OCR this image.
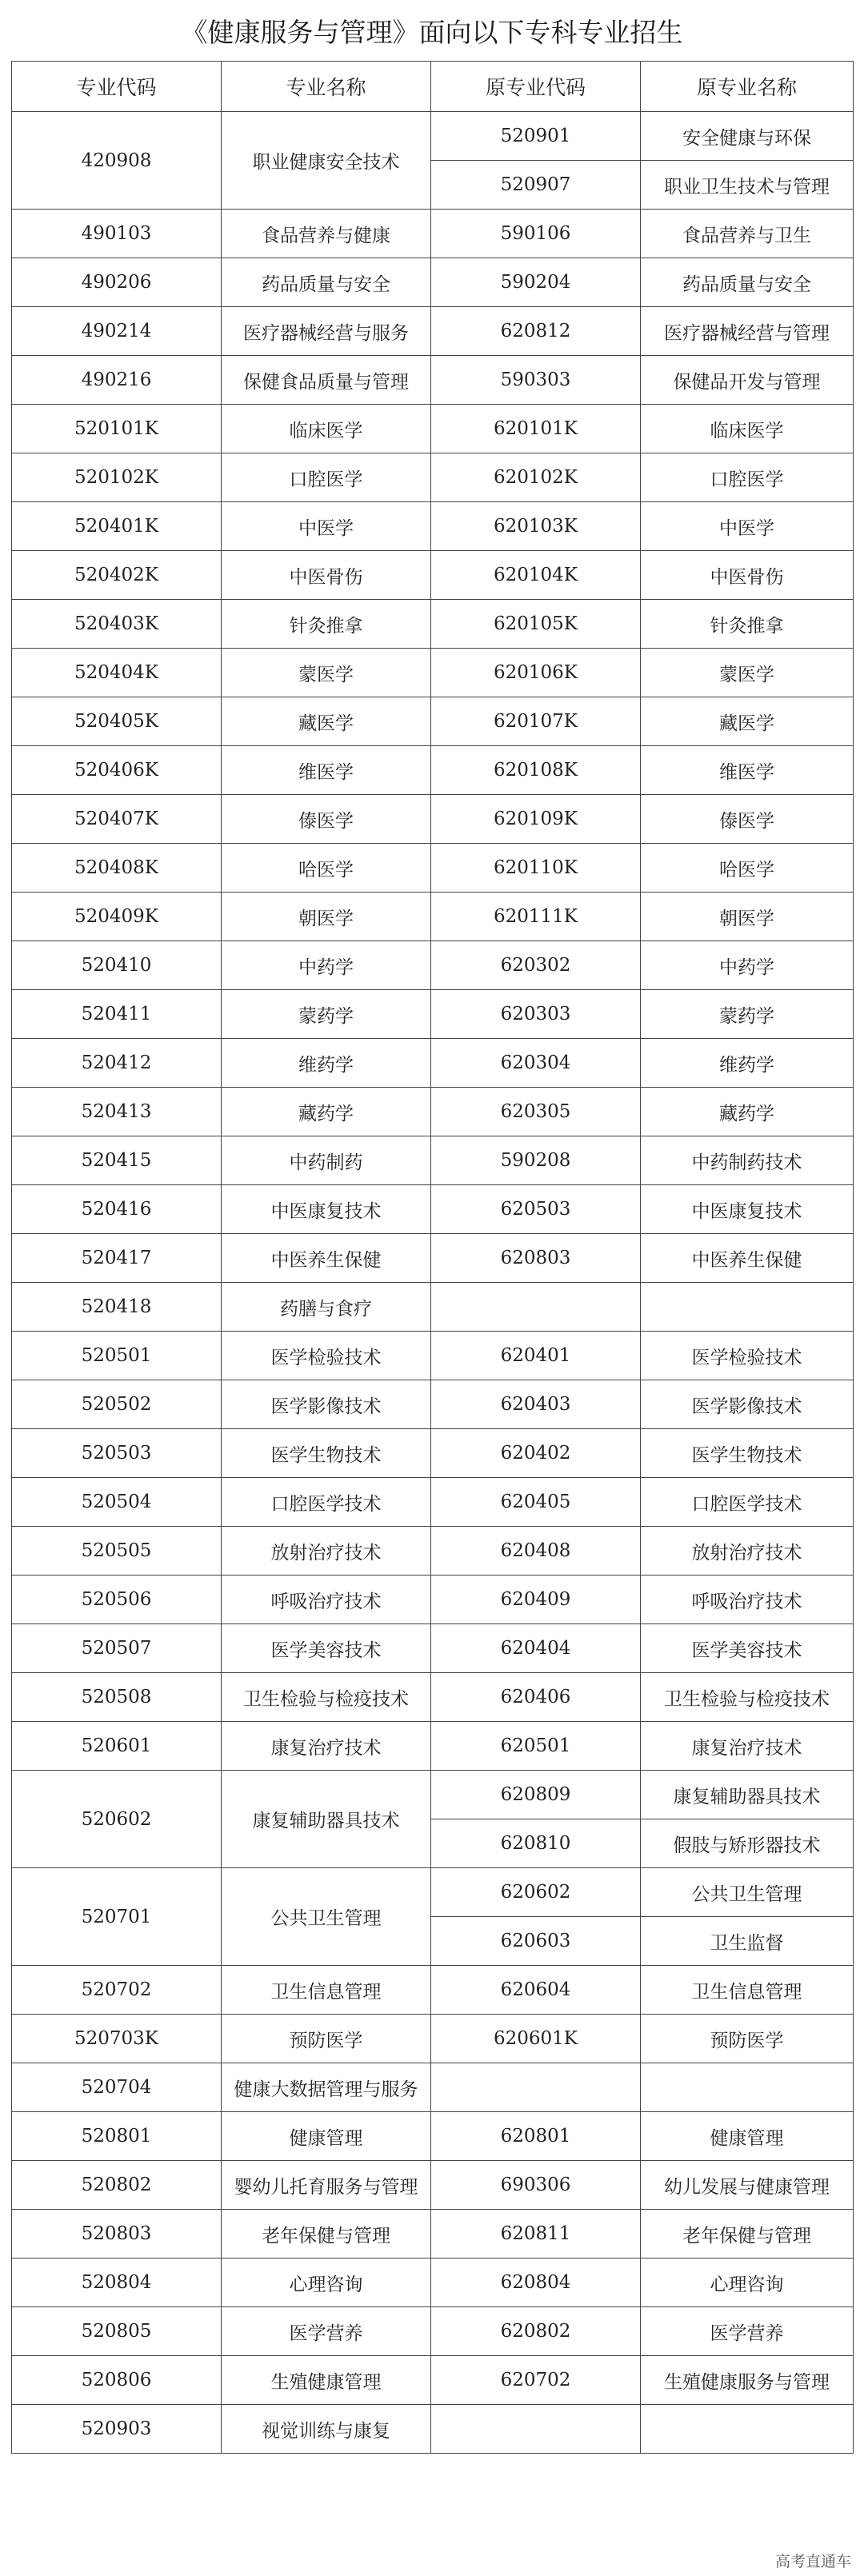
《健康服务与管理》面向以下专科专业招生
专业代码	专业名称	原专业代码	原专业名称
420908	职业健康安全技术	520901	安全健康与环保
		520907	职业卫生技术与管理
490103	食品营养与健康	590106	食品营养与卫生
490206	药品质量与安全	590204	药品质量与安全
490214	医疗器械经营与服务	620812	医疗器械经营与管理
490216	保健食品质量与管理	590303	保健品开发与管理
520101K	临床医学	620101K	临床医学
520102K	口腔医学	620102K	口腔医学
520401K	中医学	620103K	中医学
520402K	中医骨伤	620104K	中医骨伤
520403K	针灸推拿	620105K	针灸推拿
520404K	蒙医学	620106K	蒙医学
520405K	藏医学	620107K	藏医学
520406K	维医学	620108K	维医学
520407K	傣医学	620109K	傣医学
520408K	哈医学	620110K	哈医学
520409K	朝医学	620111K	朝医学
520410	中药学	620302	中药学
520411	蒙药学	620303	蒙药学
520412	维药学	620304	维药学
520413	藏药学	620305	藏药学
520415	中药制药	590208	中药制药技术
520416	中医康复技术	620503	中医康复技术
520417	中医养生保健	620803	中医养生保健
520418	药膳与食疗		
520501	医学检验技术	620401	医学检验技术
520502	医学影像技术	620403	医学影像技术
520503	医学生物技术	620402	医学生物技术
520504	口腔医学技术	620405	口腔医学技术
520505	放射治疗技术	620408	放射治疗技术
520506	呼吸治疗技术	620409	呼吸治疗技术
520507	医学美容技术	620404	医学美容技术
520508	卫生检验与检疫技术	620406	卫生检验与检疫技术
520601	康复治疗技术	620501	康复治疗技术
520602	康复辅助器具技术	620809	康复辅助器具技术
		620810	假肢与矫形器技术
520701	公共卫生管理	620602	公共卫生管理
		620603	卫生监督
520702	卫生信息管理	620604	卫生信息管理
520703K	预防医学	620601K	预防医学
520704	健康大数据管理与服务		
520801	健康管理	620801	健康管理
520802	婴幼儿托育服务与管理	690306	幼儿发展与健康管理
520803	老年保健与管理	620811	老年保健与管理
520804	心理咨询	620804	心理咨询
520805	医学营养	620802	医学营养
520806	生殖健康管理	620702	生殖健康服务与管理
520903	视觉训练与康复		
高考直通车
